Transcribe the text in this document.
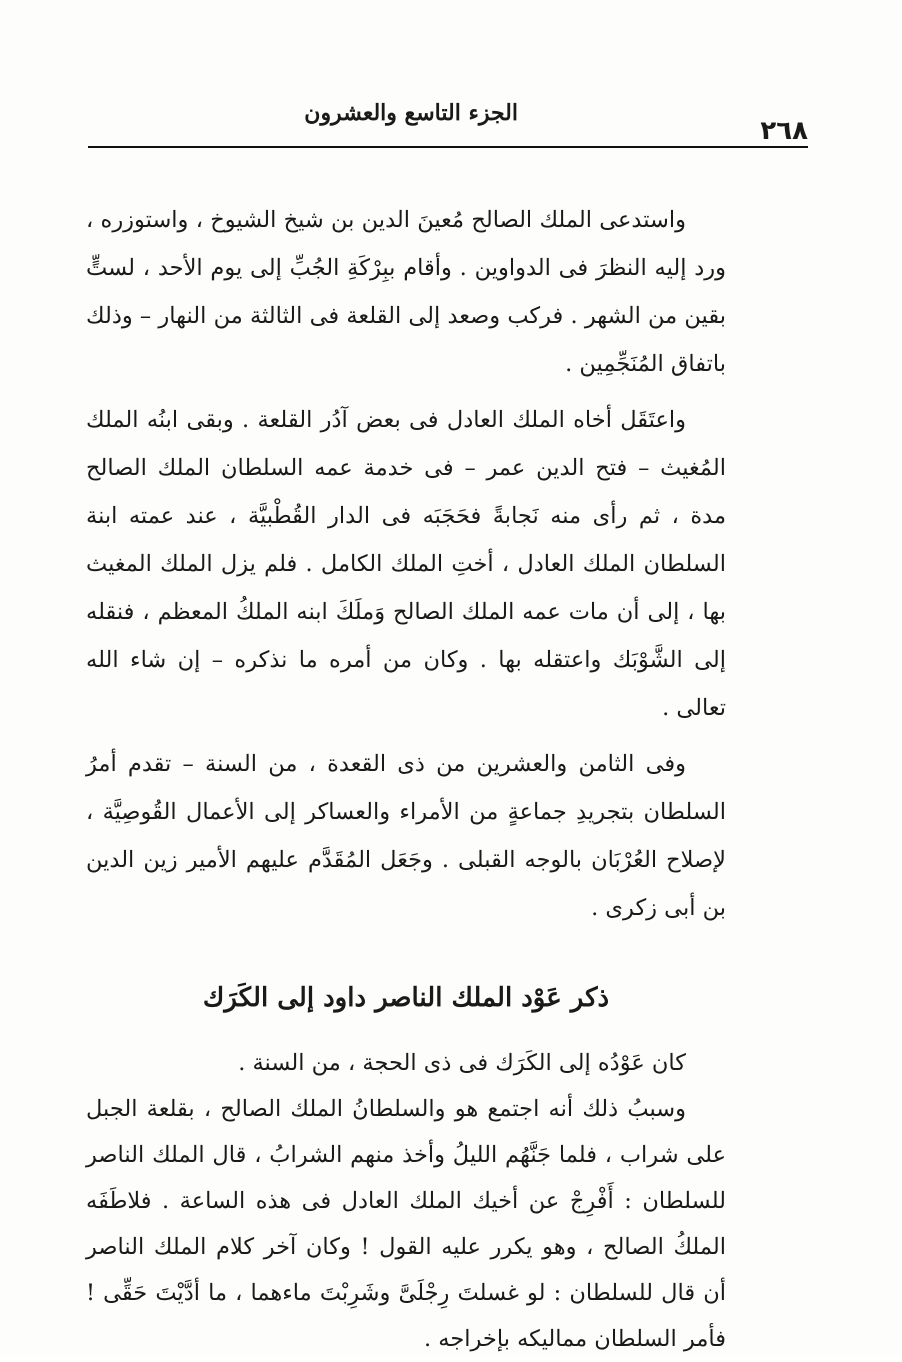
٢٦٨
الجزء التاسع والعشرون

واستدعى الملك الصالح مُعينَ الدين بن شيخ الشيوخ ، واستوزره ، ورد إليه النظرَ فى الدواوين . وأقام ببِرْكَةِ الجُبِّ إلى يوم الأحد ، لستٍّ بقين من الشهر . فركب وصعد إلى القلعة فى الثالثة من النهار – وذلك باتفاق المُنَجِّمِين .

واعتَقَل أخاه الملك العادل فى بعض آدُر القلعة . وبقى ابنُه الملك المُغيث – فتح الدين عمر – فى خدمة عمه السلطان الملك الصالح مدة ، ثم رأى منه نَجابةً فحَجَبَه فى الدار القُطْبيَّة ، عند عمته ابنة السلطان الملك العادل ، أختِ الملك الكامل . فلم يزل الملك المغيث بها ، إلى أن مات عمه الملك الصالح وَملَكَ ابنه الملكُ المعظم ، فنقله إلى الشَّوْبَك واعتقله بها . وكان من أمره ما نذكره – إن شاء الله تعالى .

وفى الثامن والعشرين من ذى القعدة ، من السنة – تقدم أمرُ السلطان بتجريدِ جماعةٍ من الأمراء والعساكر إلى الأعمال القُوصِيَّة ، لإصلاح العُرْبَان بالوجه القبلى . وجَعَل المُقَدَّم عليهم الأمير زين الدين بن أبى زكرى .

ذكر عَوْد الملك الناصر داود إلى الكَرَك

كان عَوْدُه إلى الكَرَك فى ذى الحجة ، من السنة .

وسببُ ذلك أنه اجتمع هو والسلطانُ الملك الصالح ، بقلعة الجبل على شراب ، فلما جَنَّهُم الليلُ وأخذ منهم الشرابُ ، قال الملك الناصر للسلطان : أَفْرِجْ عن أخيك الملك العادل فى هذه الساعة . فلاطَفَه الملكُ الصالح ، وهو يكرر عليه القول ! وكان آخر كلام الملك الناصر أن قال للسلطان : لو غسلتَ رِجْلَىَّ وشَرِبْتَ ماءهما ، ما أدَّيْتَ حَقِّى ! فأمر السلطان مماليكه بإخراجه .
